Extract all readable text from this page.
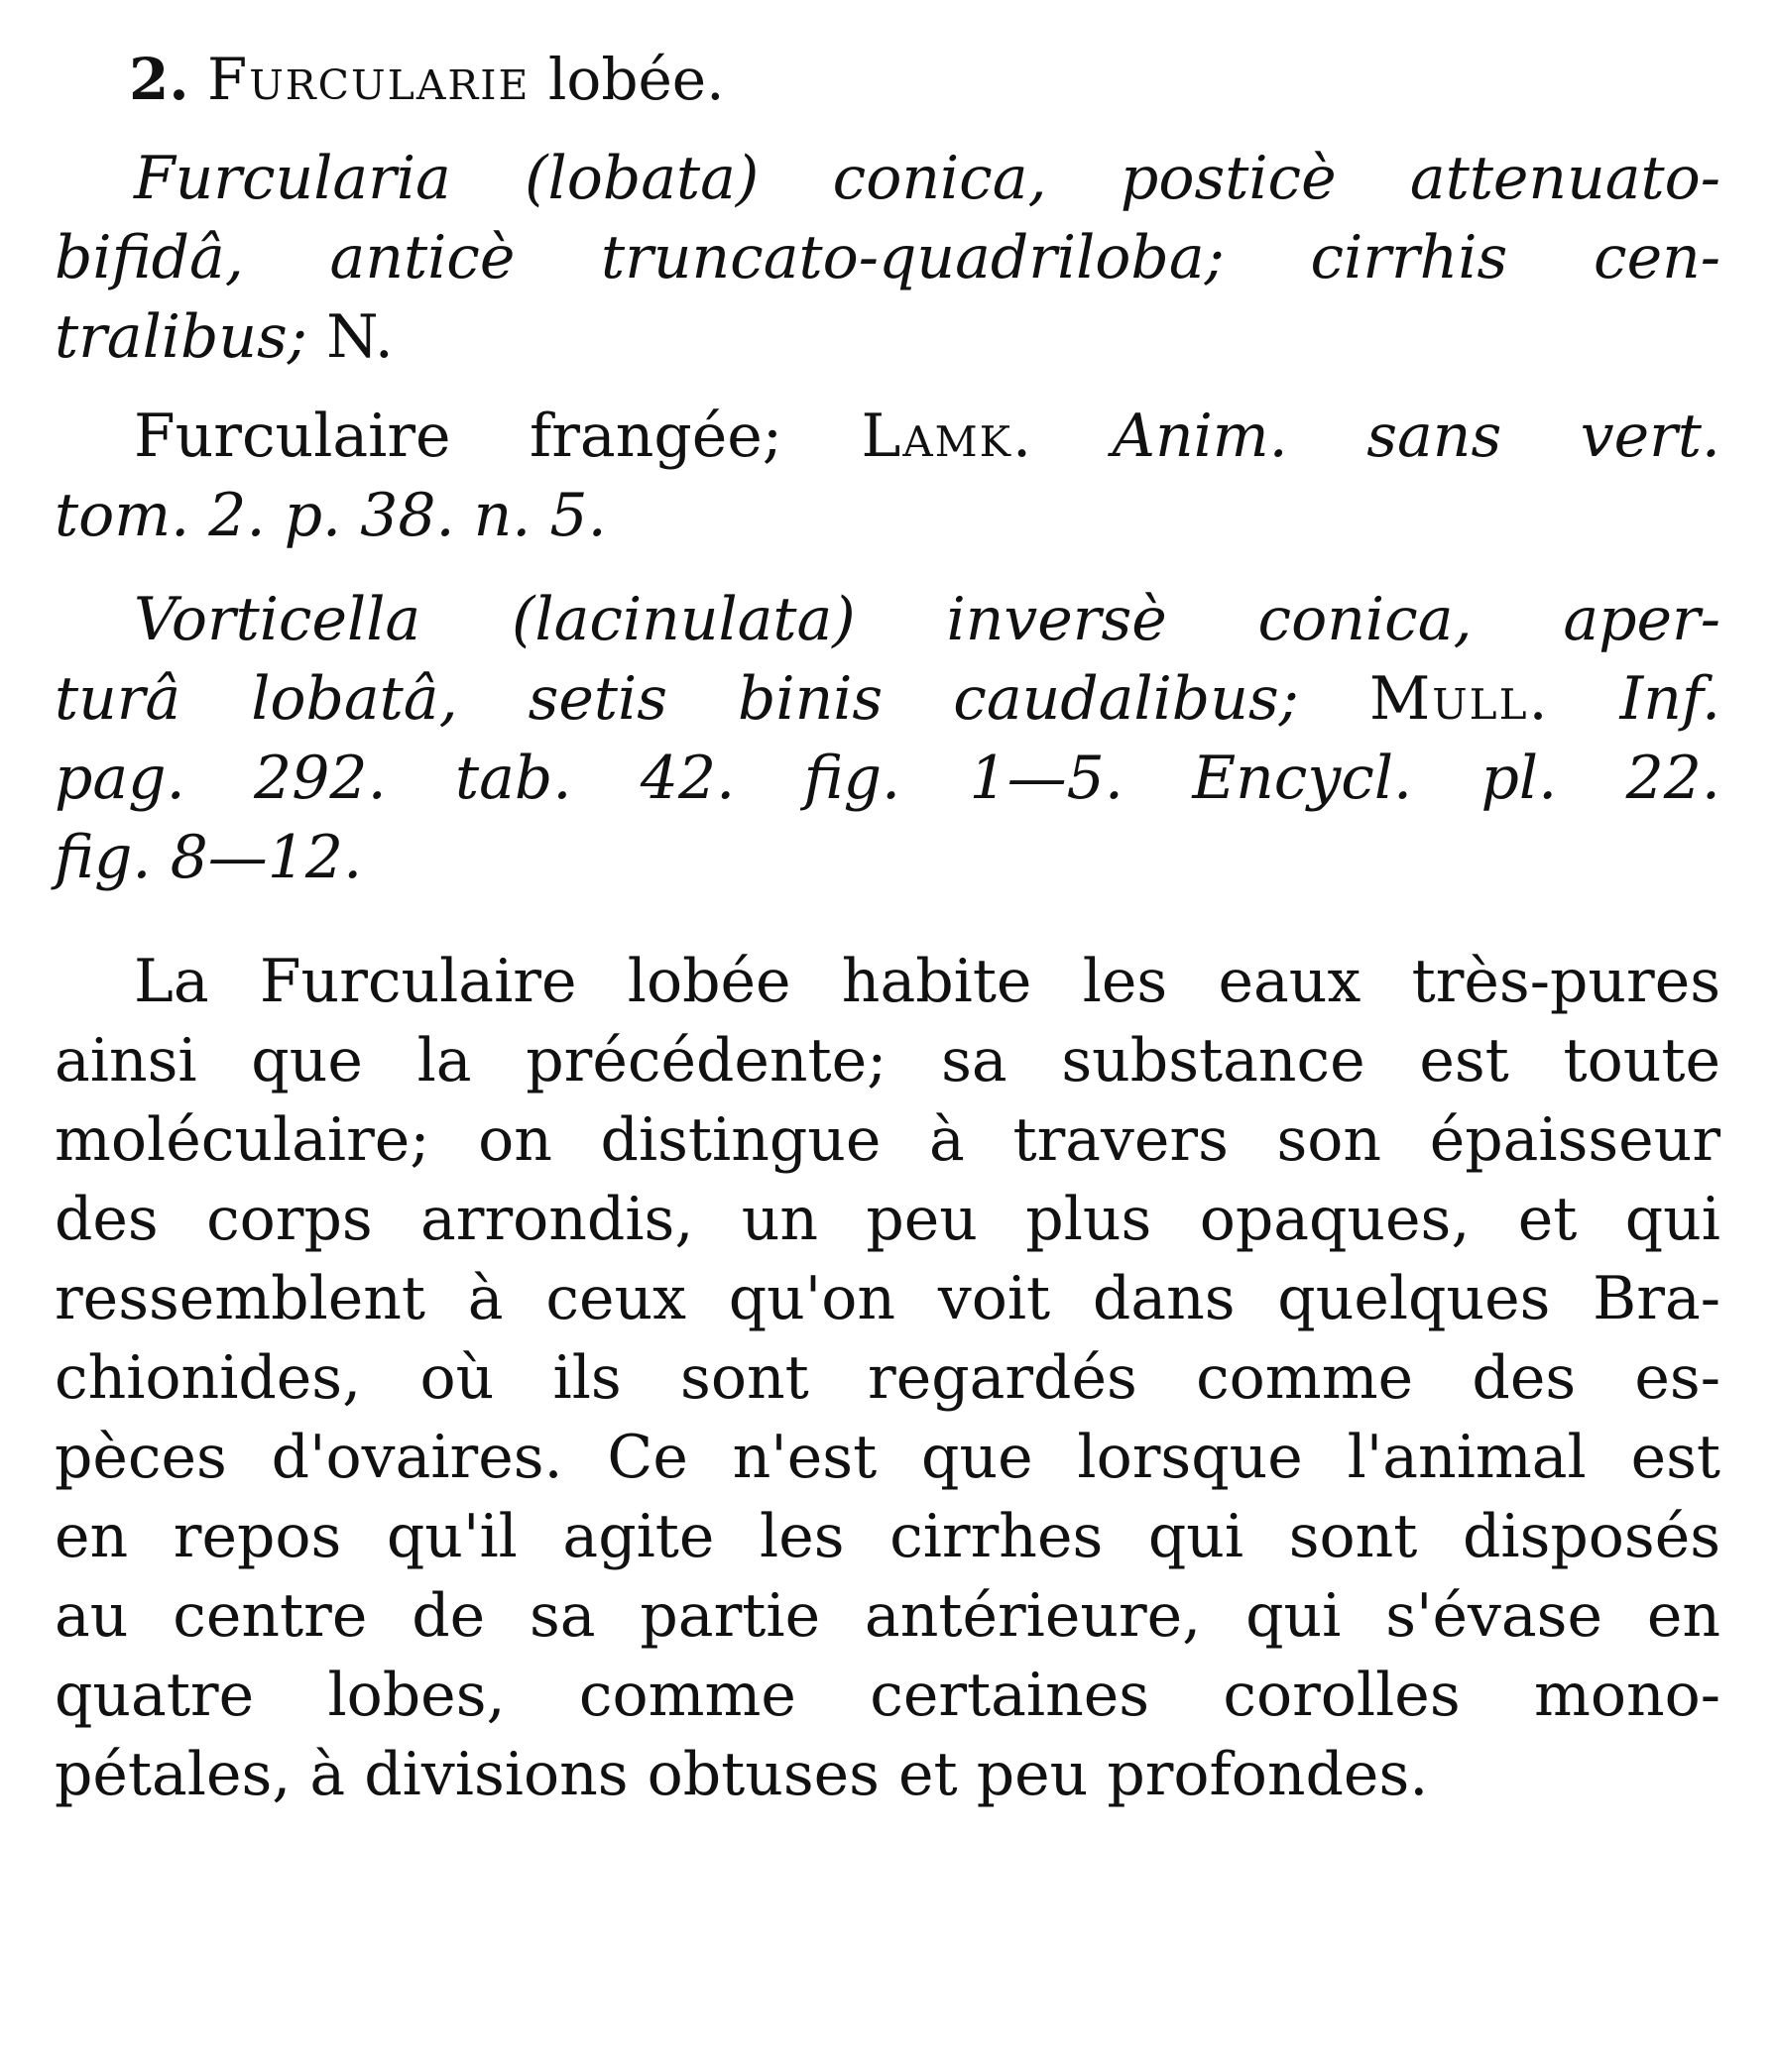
2. Furcularie lobée.
Furcularia (lobata) conica, posticè attenuato-
bifidâ, anticè truncato-quadriloba; cirrhis cen-
tralibus; N.
Furculaire frangée; Lamk. Anim. sans vert.
tom. 2. p. 38. n. 5.
Vorticella (lacinulata) inversè conica, aper-
turâ lobatâ, setis binis caudalibus; Mull. Inf.
pag. 292. tab. 42. fig. 1—5. Encycl. pl. 22.
fig. 8—12.
La Furculaire lobée habite les eaux très-pures
ainsi que la précédente; sa substance est toute
moléculaire; on distingue à travers son épaisseur
des corps arrondis, un peu plus opaques, et qui
ressemblent à ceux qu'on voit dans quelques Bra-
chionides, où ils sont regardés comme des es-
pèces d'ovaires. Ce n'est que lorsque l'animal est
en repos qu'il agite les cirrhes qui sont disposés
au centre de sa partie antérieure, qui s'évase en
quatre lobes, comme certaines corolles mono-
pétales, à divisions obtuses et peu profondes.
